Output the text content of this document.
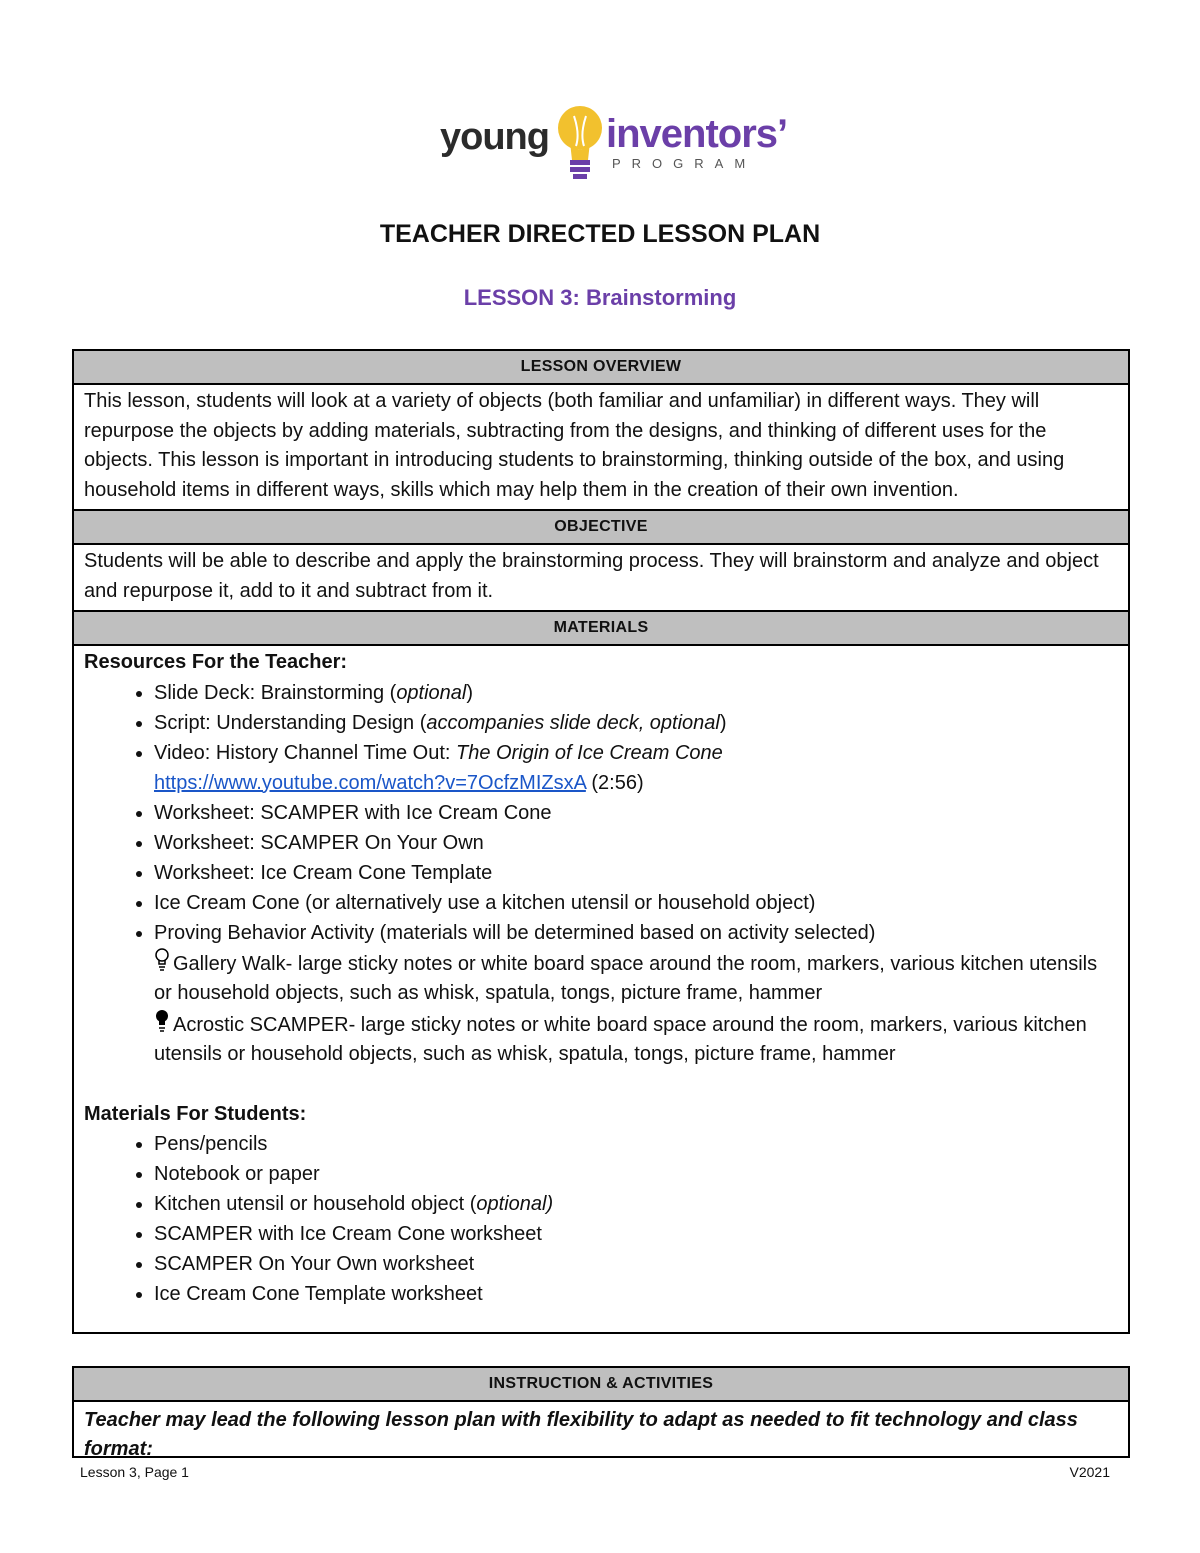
young inventors’
PROGRAM
TEACHER DIRECTED LESSON PLAN
LESSON 3: Brainstorming
LESSON OVERVIEW
This lesson, students will look at a variety of objects (both familiar and unfamiliar) in different ways. They will repurpose the objects by adding materials, subtracting from the designs, and thinking of different uses for the objects. This lesson is important in introducing students to brainstorming, thinking outside of the box, and using household items in different ways, skills which may help them in the creation of their own invention.
OBJECTIVE
Students will be able to describe and apply the brainstorming process. They will brainstorm and analyze and object and repurpose it, add to it and subtract from it.
MATERIALS
Resources For the Teacher:
• Slide Deck: Brainstorming (optional)
• Script: Understanding Design (accompanies slide deck, optional)
• Video: History Channel Time Out: The Origin of Ice Cream Cone
https://www.youtube.com/watch?v=7OcfzMIZsxA (2:56)
• Worksheet: SCAMPER with Ice Cream Cone
• Worksheet: SCAMPER On Your Own
• Worksheet: Ice Cream Cone Template
• Ice Cream Cone (or alternatively use a kitchen utensil or household object)
• Proving Behavior Activity (materials will be determined based on activity selected)
Gallery Walk- large sticky notes or white board space around the room, markers, various kitchen utensils or household objects, such as whisk, spatula, tongs, picture frame, hammer
Acrostic SCAMPER- large sticky notes or white board space around the room, markers, various kitchen utensils or household objects, such as whisk, spatula, tongs, picture frame, hammer
Materials For Students:
• Pens/pencils
• Notebook or paper
• Kitchen utensil or household object (optional)
• SCAMPER with Ice Cream Cone worksheet
• SCAMPER On Your Own worksheet
• Ice Cream Cone Template worksheet
INSTRUCTION & ACTIVITIES
Teacher may lead the following lesson plan with flexibility to adapt as needed to fit technology and class format:
Lesson 3, Page 1	V2021
